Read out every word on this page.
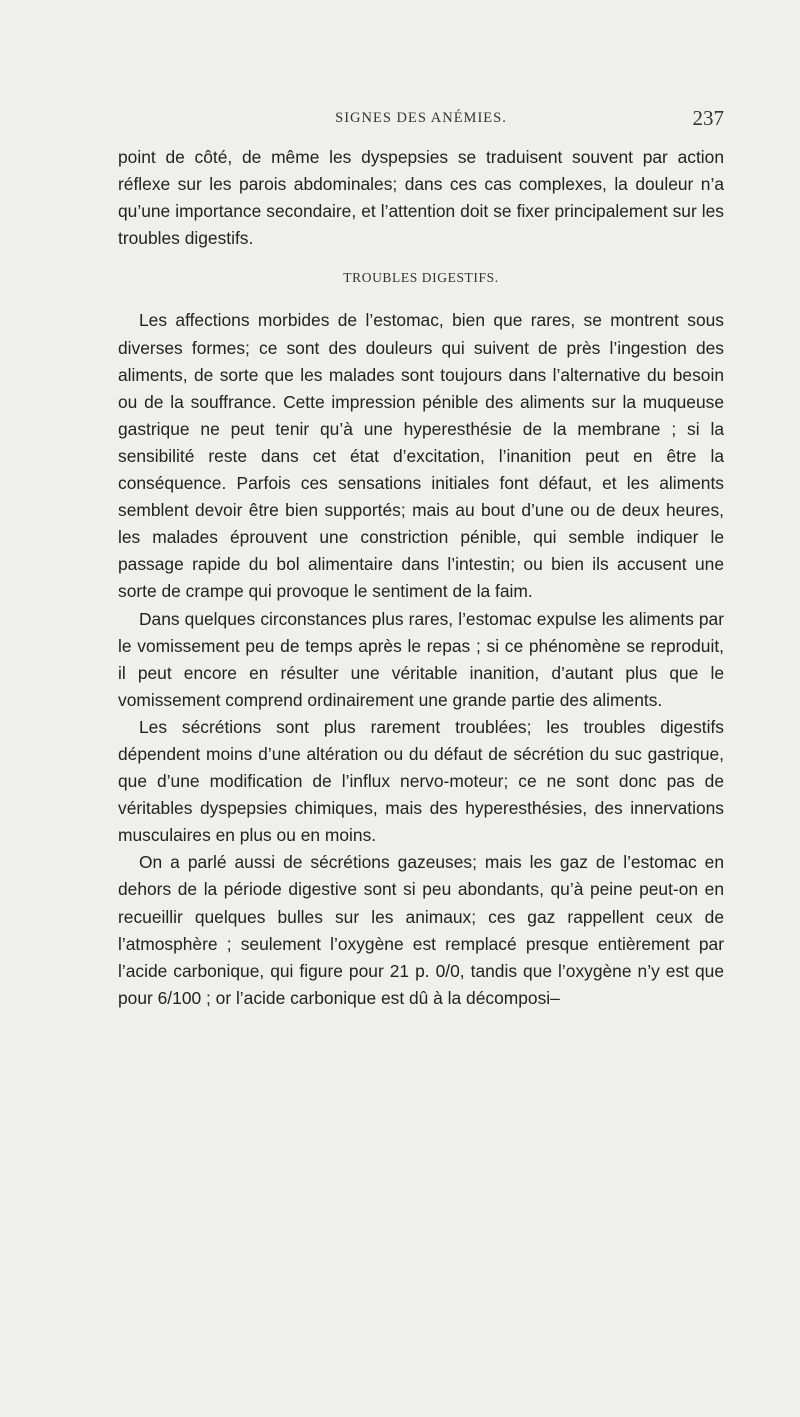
SIGNES DES ANÉMIES.	237

point de côté, de même les dyspepsies se traduisent souvent par action réflexe sur les parois abdominales; dans ces cas complexes, la douleur n’a qu’une importance secondaire, et l’attention doit se fixer principalement sur les troubles digestifs.

TROUBLES DIGESTIFS.

Les affections morbides de l’estomac, bien que rares, se montrent sous diverses formes; ce sont des douleurs qui suivent de près l’ingestion des aliments, de sorte que les malades sont toujours dans l’alternative du besoin ou de la souffrance. Cette impression pénible des aliments sur la muqueuse gastrique ne peut tenir qu’à une hyperesthésie de la membrane ; si la sensibilité reste dans cet état d’excitation, l’inanition peut en être la conséquence. Parfois ces sensations initiales font défaut, et les aliments semblent devoir être bien supportés; mais au bout d’une ou de deux heures, les malades éprouvent une constriction pénible, qui semble indiquer le passage rapide du bol alimentaire dans l’intestin; ou bien ils accusent une sorte de crampe qui provoque le sentiment de la faim.

Dans quelques circonstances plus rares, l’estomac expulse les aliments par le vomissement peu de temps après le repas ; si ce phénomène se reproduit, il peut encore en résulter une véritable inanition, d’autant plus que le vomissement comprend ordinairement une grande partie des aliments.

Les sécrétions sont plus rarement troublées; les troubles digestifs dépendent moins d’une altération ou du défaut de sécrétion du suc gastrique, que d’une modification de l’influx nervo-moteur; ce ne sont donc pas de véritables dyspepsies chimiques, mais des hyperesthésies, des innervations musculaires en plus ou en moins.

On a parlé aussi de sécrétions gazeuses; mais les gaz de l’estomac en dehors de la période digestive sont si peu abondants, qu’à peine peut-on en recueillir quelques bulles sur les animaux; ces gaz rappellent ceux de l’atmosphère ; seulement l’oxygène est remplacé presque entièrement par l’acide carbonique, qui figure pour 21 p. 0/0, tandis que l’oxygène n’y est que pour 6/100 ; or l’acide carbonique est dû à la décomposi–
